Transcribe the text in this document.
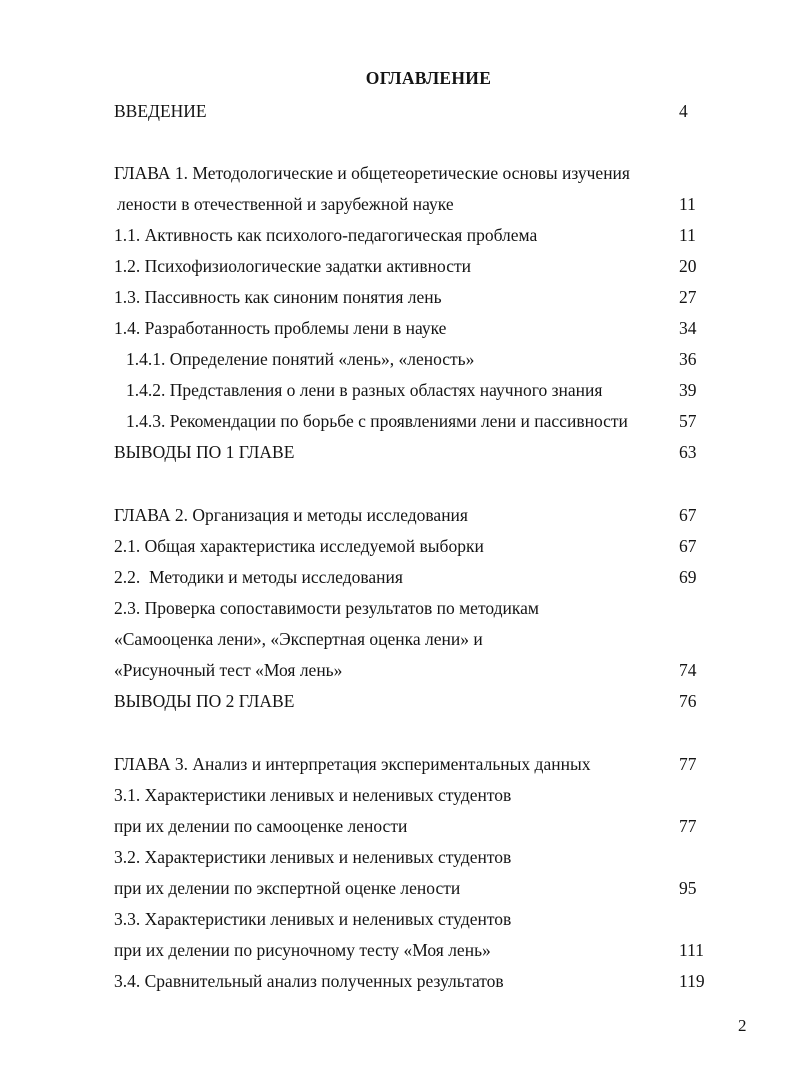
ОГЛАВЛЕНИЕ
ВВЕДЕНИЕ	4
ГЛАВА 1. Методологические и общетеоретические основы изучения
лености в отечественной и зарубежной науке	11
1.1. Активность как психолого-педагогическая проблема	11
1.2. Психофизиологические задатки активности	20
1.3. Пассивность как синоним понятия лень	27
1.4. Разработанность проблемы лени в науке	34
1.4.1. Определение понятий «лень», «леность»	36
1.4.2. Представления о лени в разных областях научного знания	39
1.4.3. Рекомендации по борьбе с проявлениями лени и пассивности	57
ВЫВОДЫ ПО 1 ГЛАВЕ	63
ГЛАВА 2. Организация и методы исследования	67
2.1. Общая характеристика исследуемой выборки	67
2.2.  Методики и методы исследования	69
2.3. Проверка сопоставимости результатов по методикам
«Самооценка лени», «Экспертная оценка лени» и
«Рисуночный тест «Моя лень»	74
ВЫВОДЫ ПО 2 ГЛАВЕ	76
ГЛАВА 3. Анализ и интерпретация экспериментальных данных	77
3.1. Характеристики ленивых и неленивых студентов
при их делении по самооценке лености	77
3.2. Характеристики ленивых и неленивых студентов
при их делении по экспертной оценке лености	95
3.3. Характеристики ленивых и неленивых студентов
при их делении по рисуночному тесту «Моя лень»	111
3.4. Сравнительный анализ полученных результатов	119
2
